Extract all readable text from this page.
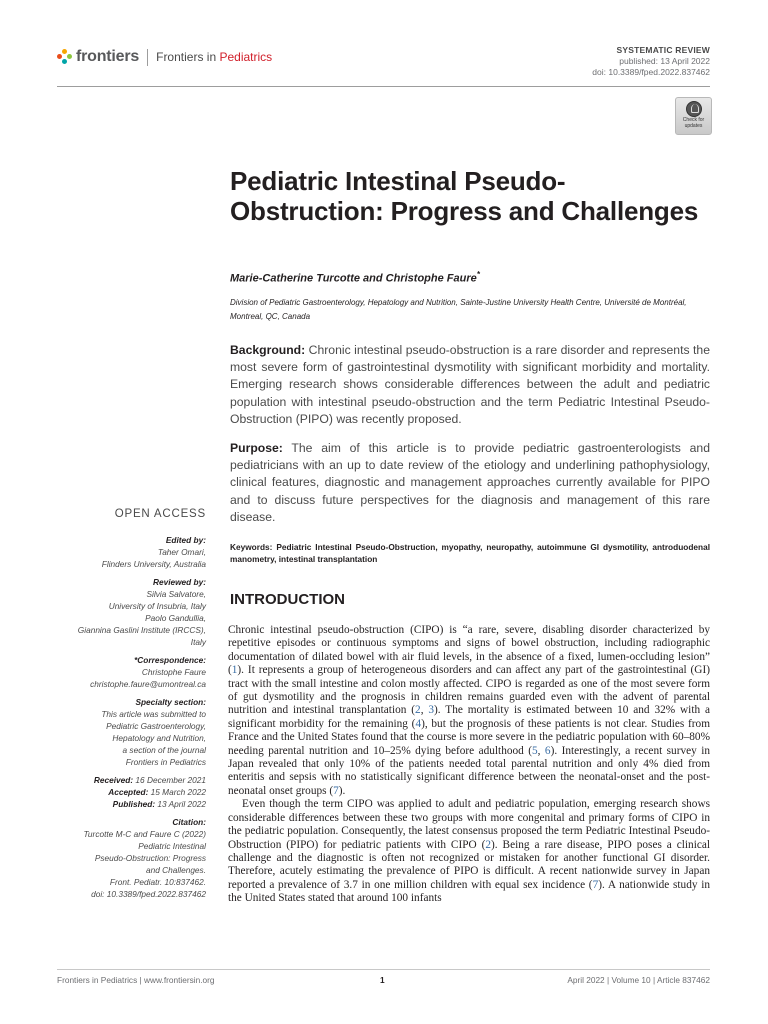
frontiers Frontiers in Pediatrics	SYSTEMATIC REVIEW
published: 13 April 2022
doi: 10.3389/fped.2022.837462
Check for
updates
Pediatric Intestinal Pseudo-Obstruction: Progress and Challenges
Marie-Catherine Turcotte and Christophe Faure*
Division of Pediatric Gastroenterology, Hepatology and Nutrition, Sainte-Justine University Health Centre, Université de Montréal, Montreal, QC, Canada
Background: Chronic intestinal pseudo-obstruction is a rare disorder and represents the most severe form of gastrointestinal dysmotility with significant morbidity and mortality. Emerging research shows considerable differences between the adult and pediatric population with intestinal pseudo-obstruction and the term Pediatric Intestinal Pseudo-Obstruction (PIPO) was recently proposed.
Purpose: The aim of this article is to provide pediatric gastroenterologists and pediatricians with an up to date review of the etiology and underlining pathophysiology, clinical features, diagnostic and management approaches currently available for PIPO and to discuss future perspectives for the diagnosis and management of this rare disease.
Keywords: Pediatric Intestinal Pseudo-Obstruction, myopathy, neuropathy, autoimmune GI dysmotility, antroduodenal manometry, intestinal transplantation
INTRODUCTION

Chronic intestinal pseudo-obstruction (CIPO) is “a rare, severe, disabling disorder characterized by repetitive episodes or continuous symptoms and signs of bowel obstruction, including radiographic documentation of dilated bowel with air fluid levels, in the absence of a fixed, lumen-occluding lesion” (1). It represents a group of heterogeneous disorders and can affect any part of the gastrointestinal (GI) tract with the small intestine and colon mostly affected. CIPO is regarded as one of the most severe form of gut dysmotility and the prognosis in children remains guarded even with the advent of parental nutrition and intestinal transplantation (2, 3). The mortality is estimated between 10 and 32% with a significant morbidity for the remaining (4), but the prognosis of these patients is not clear. Studies from France and the United States found that the course is more severe in the pediatric population with 60–80% needing parental nutrition and 10–25% dying before adulthood (5, 6). Interestingly, a recent survey in Japan revealed that only 10% of the patients needed total parental nutrition and only 4% died from enteritis and sepsis with no statistically significant difference between the neonatal-onset and the post-neonatal onset groups (7).

Even though the term CIPO was applied to adult and pediatric population, emerging research shows considerable differences between these two groups with more congenital and primary forms of CIPO in the pediatric population. Consequently, the latest consensus proposed the term Pediatric Intestinal Pseudo-Obstruction (PIPO) for pediatric patients with CIPO (2). Being a rare disease, PIPO poses a clinical challenge and the diagnostic is often not recognized or mistaken for another functional GI disorder. Therefore, acutely estimating the prevalence of PIPO is difficult. A recent nationwide survey in Japan reported a prevalence of 3.7 in one million children with equal sex incidence (7). A nationwide study in the United States stated that around 100 infants

OPEN ACCESS
Edited by:
Taher Omari,
Flinders University, Australia
Reviewed by:
Silvia Salvatore,
University of Insubria, Italy
Paolo Gandullia,
Giannina Gaslini Institute (IRCCS),
Italy
*Correspondence:
Christophe Faure
christophe.faure@umontreal.ca
Specialty section:
This article was submitted to
Pediatric Gastroenterology,
Hepatology and Nutrition,
a section of the journal
Frontiers in Pediatrics
Received: 16 December 2021
Accepted: 15 March 2022
Published: 13 April 2022
Citation:
Turcotte M-C and Faure C (2022)
Pediatric Intestinal
Pseudo-Obstruction: Progress
and Challenges.
Front. Pediatr. 10:837462.
doi: 10.3389/fped.2022.837462
Frontiers in Pediatrics | www.frontiersin.org	1	April 2022 | Volume 10 | Article 837462
